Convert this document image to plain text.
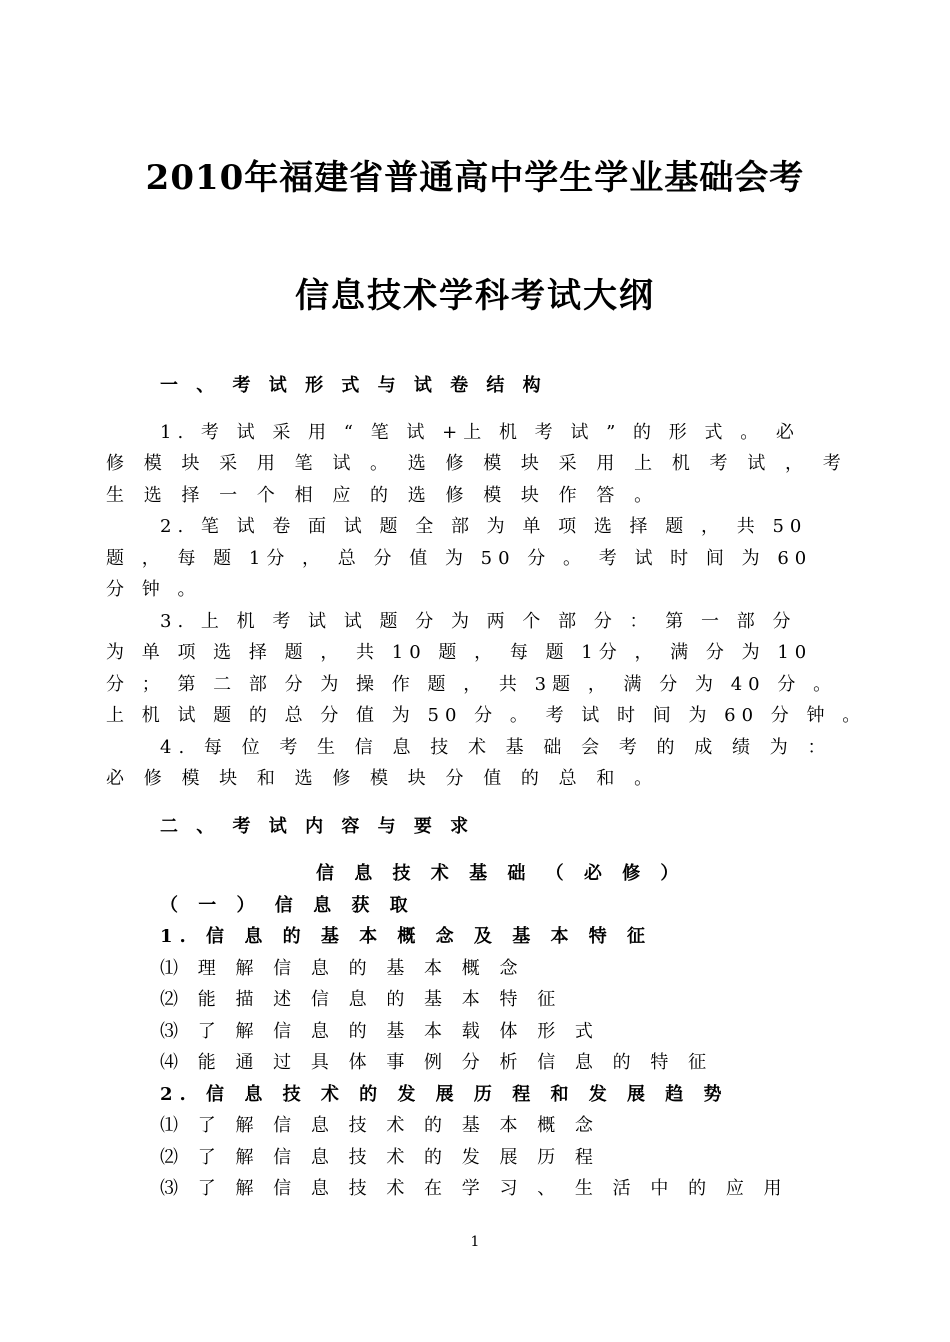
2010年福建省普通高中学生学业基础会考
信息技术学科考试大纲
一 、 考 试 形 式 与 试 卷 结 构
1. 考 试 采 用 “ 笔 试 +上 机 考 试 ” 的 形 式 。 必
修 模 块 采 用 笔 试 。 选 修 模 块 采 用 上 机 考 试 ， 考
生 选 择 一 个 相 应 的 选 修 模 块 作 答 。
2. 笔 试 卷 面 试 题 全 部 为 单 项 选 择 题 ， 共 50
题 ， 每 题 1分 ， 总 分 值 为 50 分 。 考 试 时 间 为 60
分 钟 。
3. 上 机 考 试 试 题 分 为 两 个 部 分 ： 第 一 部 分
为 单 项 选 择 题 ， 共 10 题 ， 每 题 1分 ， 满 分 为 10
分 ； 第 二 部 分 为 操 作 题 ， 共 3题 ， 满 分 为 40 分 。
上 机 试 题 的 总 分 值 为 50 分 。 考 试 时 间 为 60 分 钟 。
4. 每 位 考 生 信 息 技 术 基 础 会 考 的 成 绩 为 ：
必 修 模 块 和 选 修 模 块 分 值 的 总 和 。
二 、 考 试 内 容 与 要 求
信 息 技 术 基 础 （ 必 修 ）
（ 一 ） 信 息 获 取
1. 信 息 的 基 本 概 念 及 基 本 特 征
⑴ 理 解 信 息 的 基 本 概 念
⑵ 能 描 述 信 息 的 基 本 特 征
⑶ 了 解 信 息 的 基 本 载 体 形 式
⑷ 能 通 过 具 体 事 例 分 析 信 息 的 特 征
2. 信 息 技 术 的 发 展 历 程 和 发 展 趋 势
⑴ 了 解 信 息 技 术 的 基 本 概 念
⑵ 了 解 信 息 技 术 的 发 展 历 程
⑶ 了 解 信 息 技 术 在 学 习 、 生 活 中 的 应 用
1
